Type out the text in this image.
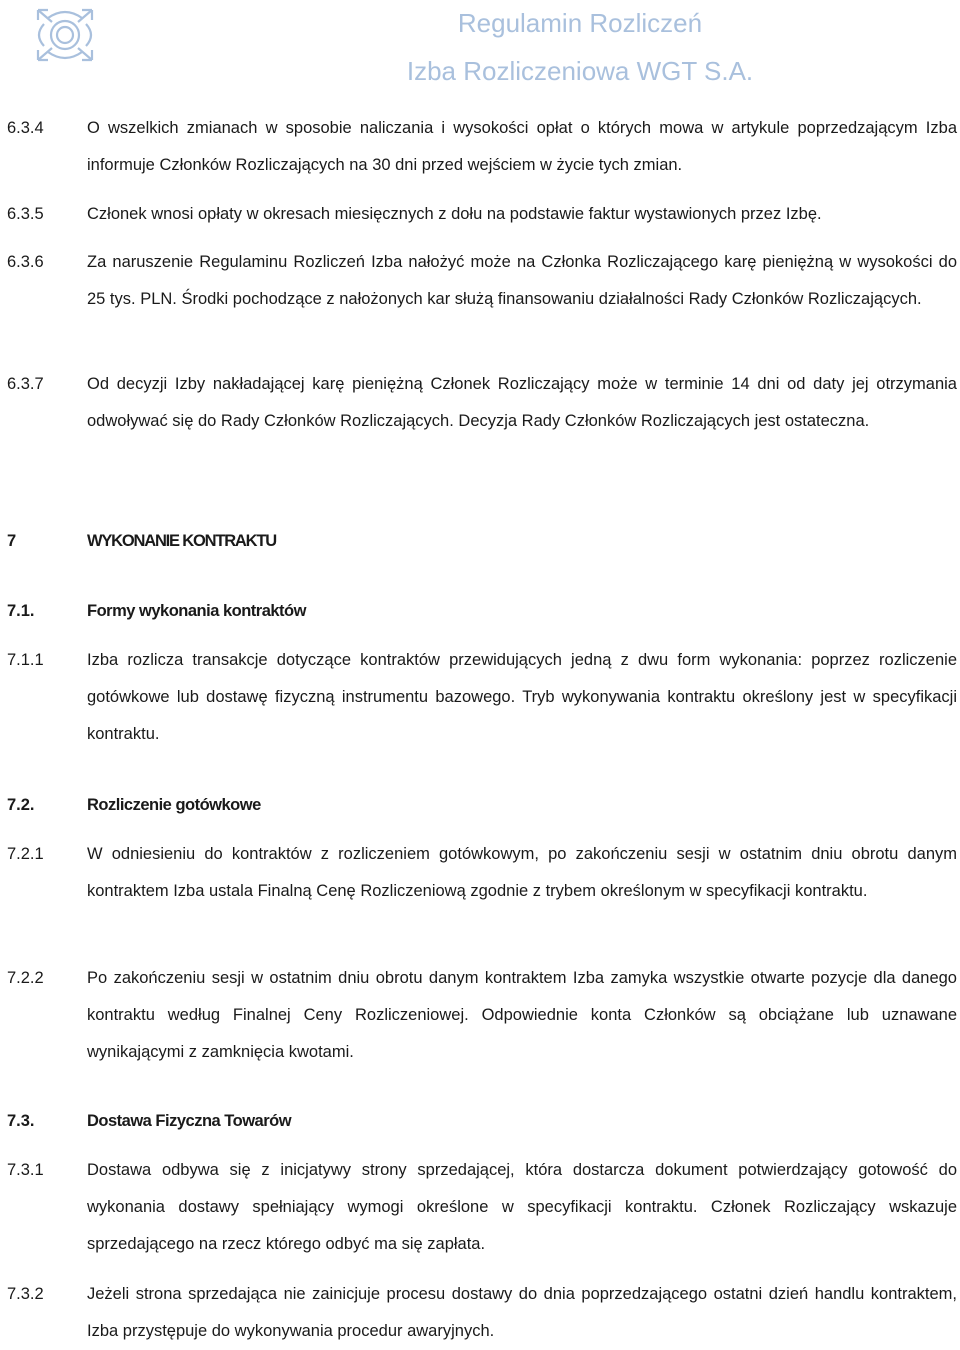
Regulamin Rozliczeń
Izba Rozliczeniowa WGT S.A.
6.3.4	O wszelkich zmianach w sposobie naliczania i wysokości opłat o których mowa w artykule poprzedzającym Izba informuje Członków Rozliczających na 30 dni przed wejściem w życie tych zmian.
6.3.5	Członek wnosi opłaty w okresach miesięcznych z dołu na podstawie faktur wystawionych przez Izbę.
6.3.6	Za naruszenie Regulaminu Rozliczeń Izba nałożyć może na Członka Rozliczającego karę pieniężną w wysokości do 25 tys. PLN. Środki pochodzące z nałożonych kar służą finansowaniu działalności Rady Członków Rozliczających.
6.3.7	Od decyzji Izby nakładającej karę pieniężną Członek Rozliczający może w terminie 14 dni od daty jej otrzymania odwoływać się do Rady Członków Rozliczających. Decyzja Rady Członków Rozliczających jest ostateczna.
7	WYKONANIE KONTRAKTU
7.1.	Formy wykonania kontraktów
7.1.1	Izba rozlicza transakcje dotyczące kontraktów przewidujących jedną z dwu form wykonania: poprzez rozliczenie gotówkowe lub dostawę fizyczną instrumentu bazowego. Tryb wykonywania kontraktu określony jest w specyfikacji kontraktu.
7.2.	Rozliczenie gotówkowe
7.2.1	W odniesieniu do kontraktów z rozliczeniem gotówkowym, po zakończeniu sesji w ostatnim dniu obrotu danym kontraktem Izba ustala Finalną Cenę Rozliczeniową zgodnie z trybem określonym w specyfikacji kontraktu.
7.2.2	Po zakończeniu sesji w ostatnim dniu obrotu danym kontraktem Izba zamyka wszystkie otwarte pozycje dla danego kontraktu według Finalnej Ceny Rozliczeniowej. Odpowiednie konta Członków są obciążane lub uznawane wynikającymi z zamknięcia kwotami.
7.3.	Dostawa Fizyczna Towarów
7.3.1	Dostawa odbywa się z inicjatywy strony sprzedającej, która dostarcza dokument potwierdzający gotowość do wykonania dostawy spełniający wymogi określone w specyfikacji kontraktu. Członek Rozliczający wskazuje sprzedającego na rzecz którego odbyć ma się zapłata.
7.3.2	Jeżeli strona sprzedająca nie zainicjuje procesu dostawy do dnia poprzedzającego ostatni dzień handlu kontraktem, Izba przystępuje do wykonywania procedur awaryjnych.
